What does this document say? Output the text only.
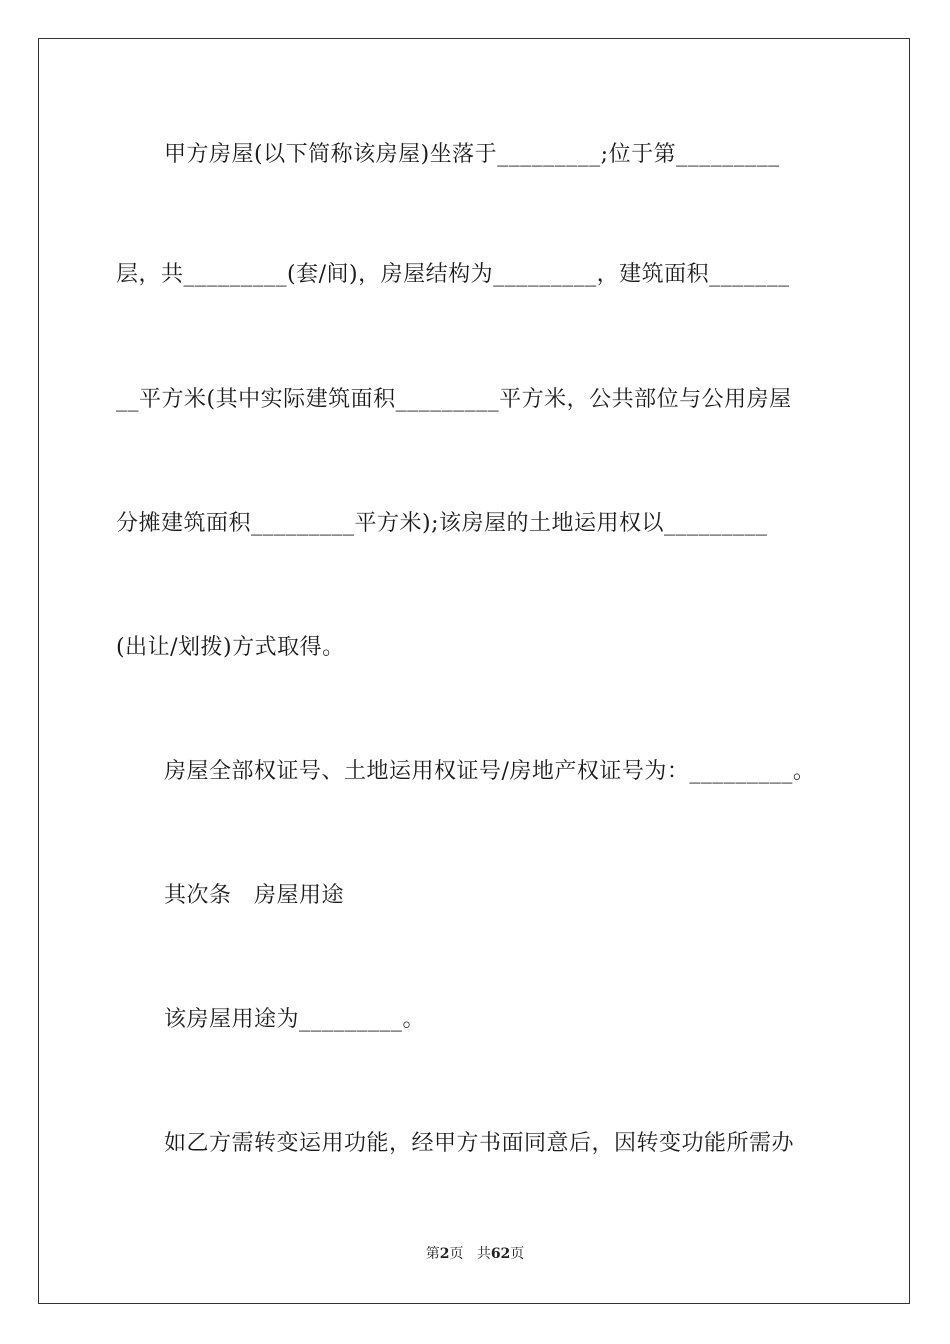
甲方房屋(以下简称该房屋)坐落于_________;位于第_________
层，共_________(套/间)，房屋结构为_________，建筑面积_______
__平方米(其中实际建筑面积_________平方米，公共部位与公用房屋
分摊建筑面积_________平方米);该房屋的土地运用权以_________
(出让/划拨)方式取得。
房屋全部权证号、土地运用权证号/房地产权证号为：_________。
其次条　房屋用途
该房屋用途为_________。
如乙方需转变运用功能，经甲方书面同意后，因转变功能所需办
第2页 共62页
